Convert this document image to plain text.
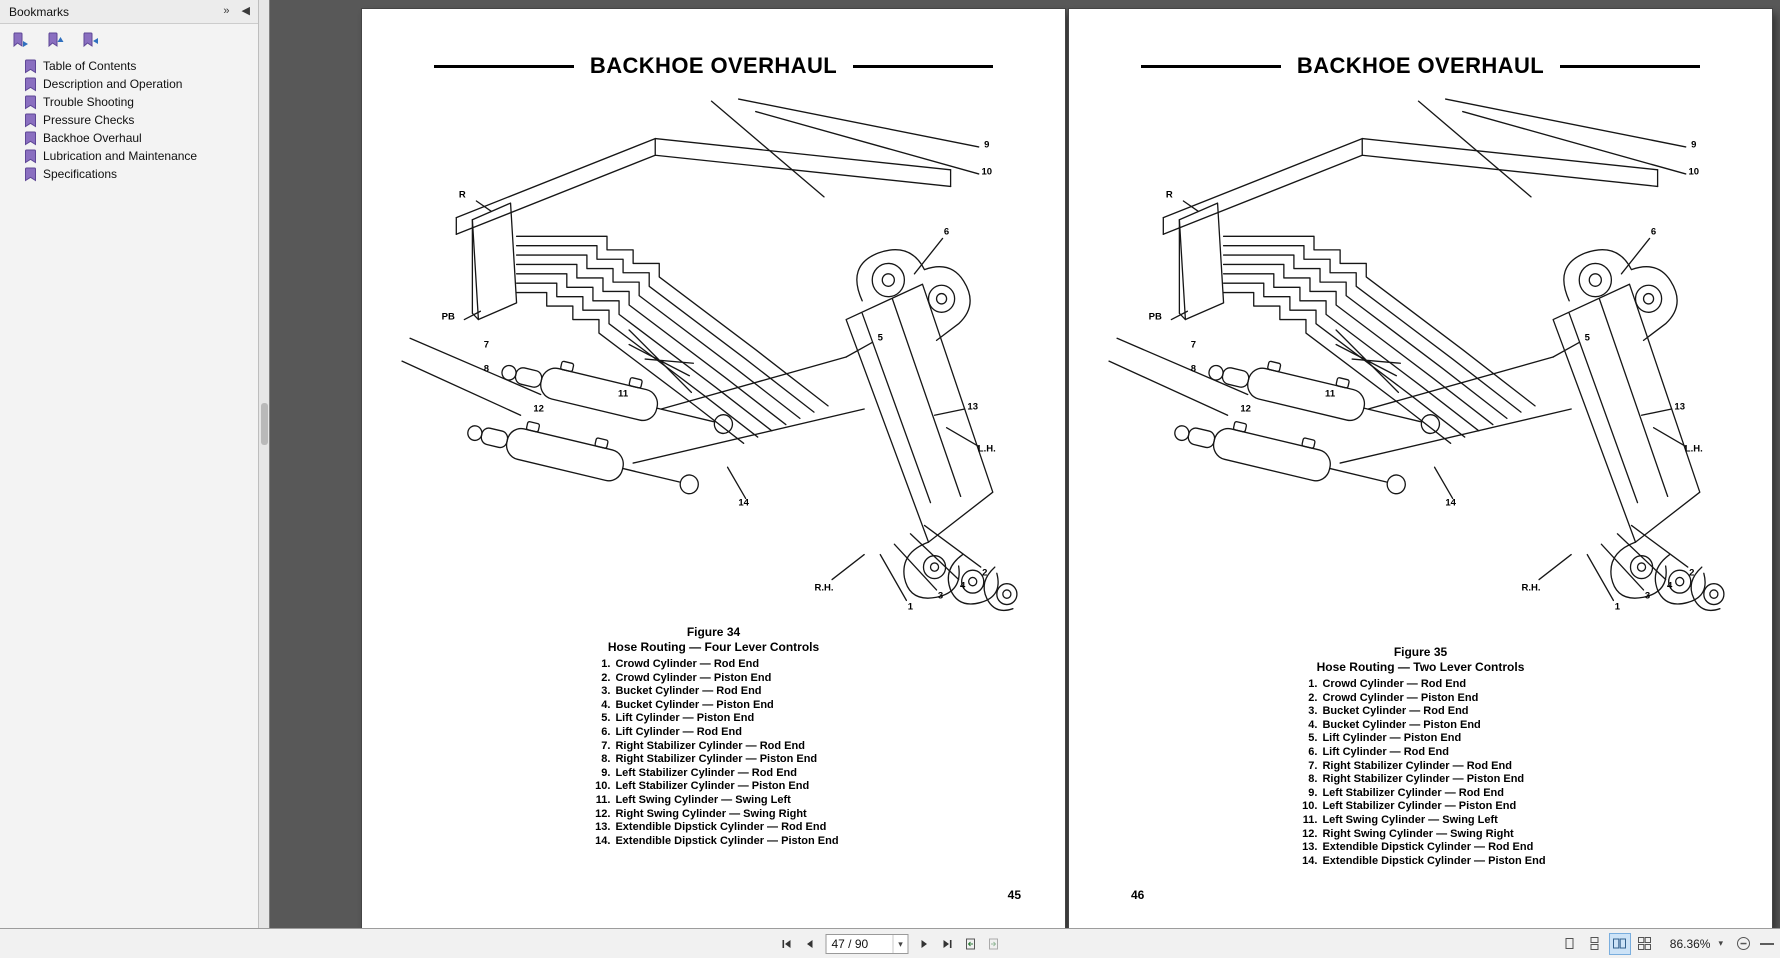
Bookmarks	» ◀
Table of Contents
Description and Operation
Trouble Shooting
Pressure Checks
Backhoe Overhaul
Lubrication and Maintenance
Specifications
BACKHOE OVERHAUL
1
2
3
4
5
6
7
8
9
10
11
12	13
14
R
PB
L.H.
R.H.
Figure 34
Hose Routing — Four Lever Controls
1. Crowd Cylinder — Rod End
2. Crowd Cylinder — Piston End
3. Bucket Cylinder — Rod End
4. Bucket Cylinder — Piston End
5. Lift Cylinder — Piston End
6. Lift Cylinder — Rod End
7. Right Stabilizer Cylinder — Rod End
8. Right Stabilizer Cylinder — Piston End
9. Left Stabilizer Cylinder — Rod End
10. Left Stabilizer Cylinder — Piston End
11. Left Swing Cylinder — Swing Left
12. Right Swing Cylinder — Swing Right
13. Extendible Dipstick Cylinder — Rod End
14. Extendible Dipstick Cylinder — Piston End
45
BACKHOE OVERHAUL
1
2
3
4
5
6
7
8
9
10
11
12	13
14
R
PB
L.H.
R.H.
Figure 35
Hose Routing — Two Lever Controls
1. Crowd Cylinder — Rod End
2. Crowd Cylinder — Piston End
3. Bucket Cylinder — Rod End
4. Bucket Cylinder — Piston End
5. Lift Cylinder — Piston End
6. Lift Cylinder — Rod End
7. Right Stabilizer Cylinder — Rod End
8. Right Stabilizer Cylinder — Piston End
9. Left Stabilizer Cylinder — Rod End
10. Left Stabilizer Cylinder — Piston End
11. Left Swing Cylinder — Swing Left
12. Right Swing Cylinder — Swing Right
13. Extendible Dipstick Cylinder — Rod End
14. Extendible Dipstick Cylinder — Piston End
46
47 / 90
▾	86.36% ▾
